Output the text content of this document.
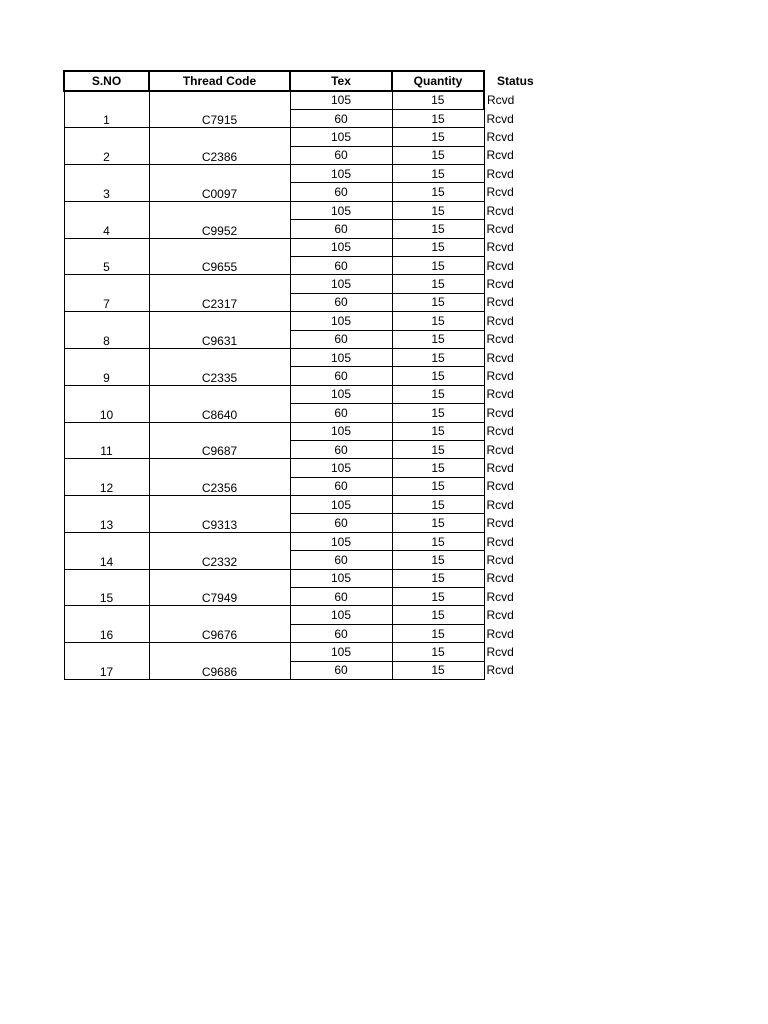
S.NO	Thread Code	Tex	Quantity	Status
1	C7915	105	15	Rcvd
		60	15	Rcvd
2	C2386	105	15	Rcvd
		60	15	Rcvd
3	C0097	105	15	Rcvd
		60	15	Rcvd
4	C9952	105	15	Rcvd
		60	15	Rcvd
5	C9655	105	15	Rcvd
		60	15	Rcvd
7	C2317	105	15	Rcvd
		60	15	Rcvd
8	C9631	105	15	Rcvd
		60	15	Rcvd
9	C2335	105	15	Rcvd
		60	15	Rcvd
10	C8640	105	15	Rcvd
		60	15	Rcvd
11	C9687	105	15	Rcvd
		60	15	Rcvd
12	C2356	105	15	Rcvd
		60	15	Rcvd
13	C9313	105	15	Rcvd
		60	15	Rcvd
14	C2332	105	15	Rcvd
		60	15	Rcvd
15	C7949	105	15	Rcvd
		60	15	Rcvd
16	C9676	105	15	Rcvd
		60	15	Rcvd
17	C9686	105	15	Rcvd
		60	15	Rcvd
